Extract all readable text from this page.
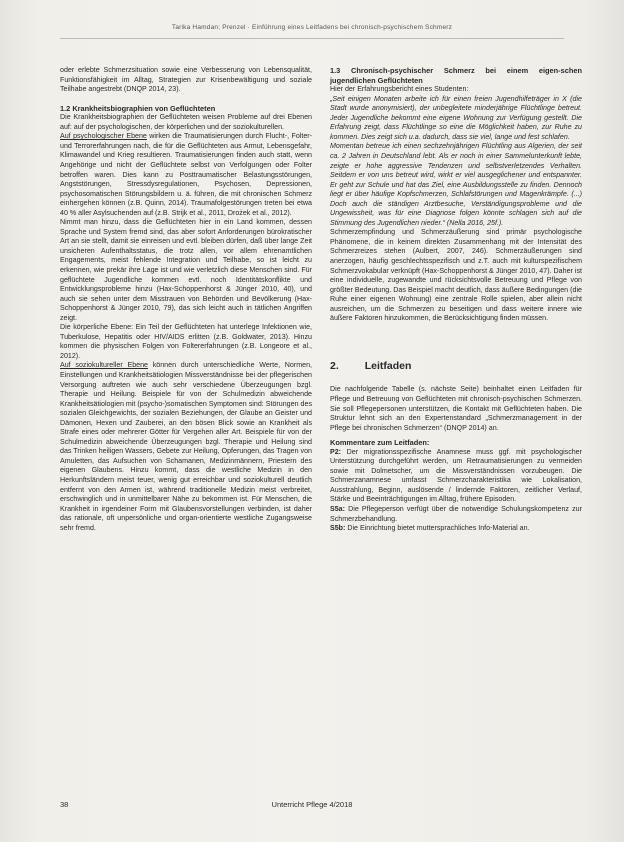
Tarika Hamdan; Prenzel · Einführung eines Leitfadens bei chronisch-psychischem Schmerz

oder erlebte Schmerzsituation sowie eine Verbesserung von Lebensqualität, Funktionsfähigkeit im Alltag, Strategien zur Krisenbewältigung und soziale Teilhabe angestrebt (DNQP 2014, 23).

1.2 Krankheitsbiographien von Geflüchteten

Die Krankheitsbiographien der Geflüchteten weisen Probleme auf drei Ebenen auf: auf der psychologischen, der körperlichen und der soziokulturellen.

Auf psychologischer Ebene wirken die Traumatisierungen durch Flucht-, Folter- und Terrorerfahrungen nach, die für die Geflüchteten aus Armut, Lebensgefahr, Klimawandel und Krieg resultieren. Traumatisierungen finden auch statt, wenn Angehörige und nicht der Geflüchtete selbst von Verfolgungen oder Folter betroffen waren. Dies kann zu Posttraumatischer Belastungsstörungen, Angststörungen, Stressdysregulationen, Psychosen, Depressionen, psychosomatischen Störungsbildern u. ä. führen, die mit chronischen Schmerz einhergehen können (z.B. Quinn, 2014). Traumafolgestörungen treten bei etwa 40 % aller Asylsuchenden auf (z.B. Strijk et al., 2011, Drożek et al., 2012).

Nimmt man hinzu, dass die Geflüchteten hier in ein Land kommen, dessen Sprache und System fremd sind, das aber sofort Anforderungen bürokratischer Art an sie stellt, damit sie einreisen und evtl. bleiben dürfen, daß über lange Zeit unsicheren Aufenthaltsstatus, die trotz allen, vor allem ehrenamtlichen Engagements, meist fehlende Integration und Teilhabe, so ist leicht zu erkennen, wie prekär ihre Lage ist und wie verletzlich diese Menschen sind. Für geflüchtete Jugendliche kommen evtl. noch Identitätskonflikte und Entwicklungsprobleme hinzu (Hax-Schoppenhorst & Jünger 2010, 40), und auch sie sehen unter dem Misstrauen von Behörden und Bevölkerung (Hax-Schoppenhorst & Jünger 2010, 79), das sich leicht auch in tätlichen Angriffen zeigt.

Die körperliche Ebene: Ein Teil der Geflüchteten hat unterlege Infektionen wie, Tuberkulose, Hepatitis oder HIV/AIDS erlitten (z.B. Goldwater, 2013). Hinzu kommen die physischen Folgen von Foltererfahrungen (z.B. Longeore et al., 2012).

Auf soziokultureller Ebene können durch unterschiedliche Werte, Normen, Einstellungen und Krankheitsätiologien Missverständnisse bei der pflegerischen Versorgung auftreten wie auch sehr verschiedene Überzeugungen bzgl. Therapie und Heilung. Beispiele für von der Schulmedizin abweichende Krankheitsätiologien mit (psycho-)somatischen Symptomen sind: Störungen des sozialen Gleichgewichts, der sozialen Beziehungen, der Glaube an Geister und Dämonen, Hexen und Zauberei, an den bösen Blick sowie an Krankheit als Strafe eines oder mehrerer Götter für Vergehen aller Art. Beispiele für von der Schulmedizin abweichende Überzeugungen bzgl. Therapie und Heilung sind das Trinken heiligen Wassers, Gebete zur Heilung, Opferungen, das Tragen von Amuletten, das Aufsuchen von Schamanen, Medizinmännern, Priestern des eigenen Glaubens. Hinzu kommt, dass die westliche Medizin in den Herkunftsländern meist teuer, wenig gut erreichbar und soziokulturell deutlich entfernt von den Armen ist, während traditionelle Medizin meist verbreitet, erschwinglich und in unmittelbarer Nähe zu bekommen ist. Für Menschen, die Krankheit in irgendeiner Form mit Glaubensvorstellungen verbinden, ist daher das rationale, oft unpersönliche und organ-orientierte westliche Zugangsweise sehr fremd.

1.3 Chronisch-psychischer Schmerz bei einem eigen-schen jugendlichen Geflüchteten

Hier der Erfahrungsbericht eines Studenten:

„Seit einigen Monaten arbeite ich für einen freien Jugendhilfeträger in X (die Stadt wurde anonymisiert), der unbegleitete minderjährige Flüchtlinge betreut. Jeder Jugendliche bekommt eine eigene Wohnung zur Verfügung gestellt. Die Erfahrung zeigt, dass Flüchtlinge so eine die Möglichkeit haben, zur Ruhe zu kommen. Dies zeigt sich u.a. dadurch, dass sie viel, lange und fest schlafen.

Momentan betreue ich einen sechzehnjährigen Flüchtling aus Algerien, der seit ca. 2 Jahren in Deutschland lebt. Als er noch in einer Sammelunterkunft lebte, zeigte er hohe aggressive Tendenzen und selbstverletzendes Verhalten. Seitdem er von uns betreut wird, wirkt er viel ausgeglichener und entspannter. Er geht zur Schule und hat das Ziel, eine Ausbildungsstelle zu finden. Dennoch liegt er über häufige Kopfschmerzen, Schlafstörungen und Magenkrämpfe. (...) Doch auch die ständigen Arztbesuche, Verständigungsprobleme und die Ungewissheit, was für eine Diagnose folgen könnte schlagen sich auf die Stimmung des Jugendlichen nieder.“ (Nella 2016, 25f.).

Schmerzempfindung und Schmerzäußerung sind primär psychologische Phänomene, die in keinem direkten Zusammenhang mit der Intensität des Schmerzreizes stehen (Aulbert, 2007, 246). Schmerzäußerungen sind anerzogen, häufig geschlechtsspezifisch und z.T. auch mit kulturspezifischem Schmerzvokabular verknüpft (Hax-Schoppenhorst & Jünger 2010, 47). Daher ist eine individuelle, zugewandte und rücksichtsvolle Betreuung und Pflege von größter Bedeutung. Das Beispiel macht deutlich, dass äußere Bedingungen (die Ruhe einer eigenen Wohnung) eine zentrale Rolle spielen, aber allein nicht ausreichen, um die Schmerzen zu beseitigen und dass weitere innere wie äußere Faktoren hinzukommen, die Berücksichtigung finden müssen.

2. Leitfaden

Die nachfolgende Tabelle (s. nächste Seite) beinhaltet einen Leitfaden für Pflege und Betreuung von Geflüchteten mit chronisch-psychischen Schmerzen. Sie soll Pflegepersonen unterstützen, die Kontakt mit Geflüchteten haben. Die Struktur lehnt sich an den Expertenstandard „Schmerzmanagement in der Pflege bei chronischen Schmerzen“ (DNQP 2014) an.

Kommentare zum Leitfaden:

P2: Der migrationsspezifische Anamnese muss ggf. mit psychologischer Unterstützung durchgeführt werden, um Retraumatisierungen zu vermeiden sowie mit Dolmetscher, um die Missverständnissen vorzubeugen. Die Schmerzanamnese umfasst Schmerzcharakteristika wie Lokalisation, Ausstrahlung, Beginn, auslösende / lindernde Faktoren, zeitlicher Verlauf, Stärke und Beeinträchtigungen im Alltag, frühere Episoden.

S5a: Die Pflegeperson verfügt über die notwendige Schulungskompetenz zur Schmerzbehandlung.

S5b: Die Einrichtung bietet muttersprachliches Info-Material an.

38	Unterricht Pflege 4/2018
